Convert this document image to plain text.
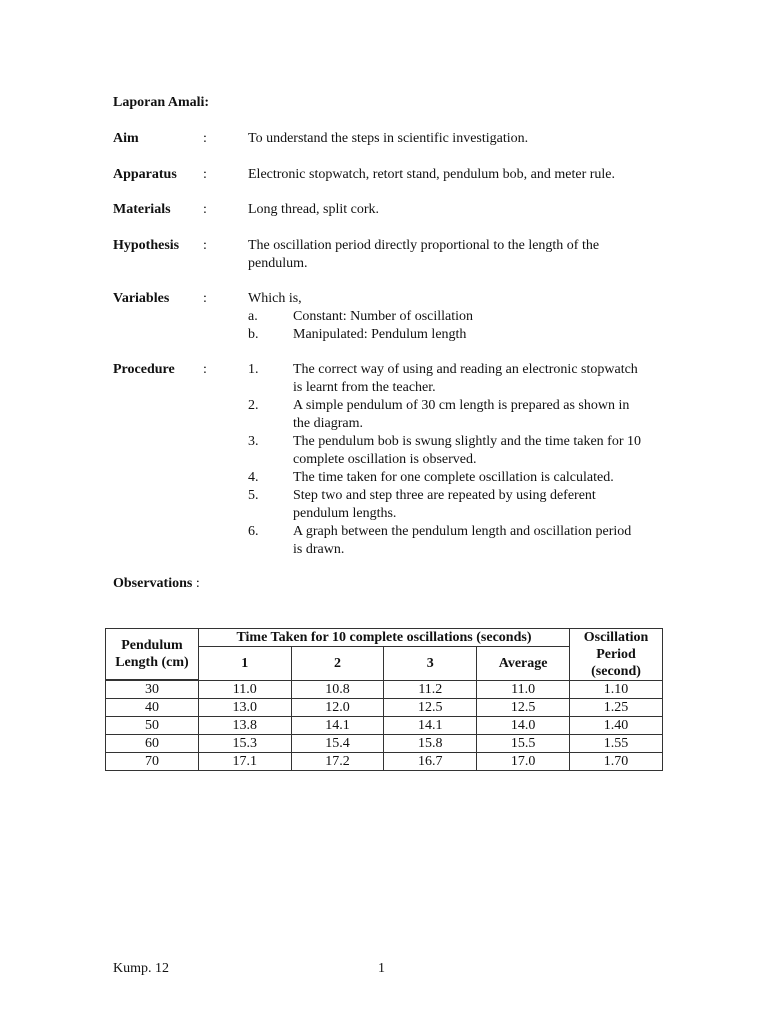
Laporan Amali:
Aim	:	To understand the steps in scientific investigation.
Apparatus :	Electronic stopwatch, retort stand, pendulum bob, and meter rule.
Materials :	Long thread, split cork.
Hypothesis :	The oscillation period directly proportional to the length of the pendulum.
Variables :	Which is,
a.	Constant: Number of oscillation
b. Manipulated: Pendulum length
Procedure :	1. The correct way of using and reading an electronic stopwatch is learnt from the teacher.
2. A simple pendulum of 30 cm length is prepared as shown in the diagram.
3. The pendulum bob is swung slightly and the time taken for 10 complete oscillation is observed.
4. The time taken for one complete oscillation is calculated.
5. Step two and step three are repeated by using deferent pendulum lengths.
6. A graph between the pendulum length and oscillation period is drawn.
Observations :
Pendulum Length (cm)	Time Taken for 10 complete oscillations (seconds)				Oscillation Period (second)
	1	2	3	Average	

30	11.0	10.8	11.2	11.0	1.10
40	13.0	12.0	12.5	12.5	1.25
50	13.8	14.1	14.1	14.0	1.40
60	15.3	15.4	15.8	15.5	1.55
70	17.1	17.2	16.7	17.0	1.70
Kump. 12	1
